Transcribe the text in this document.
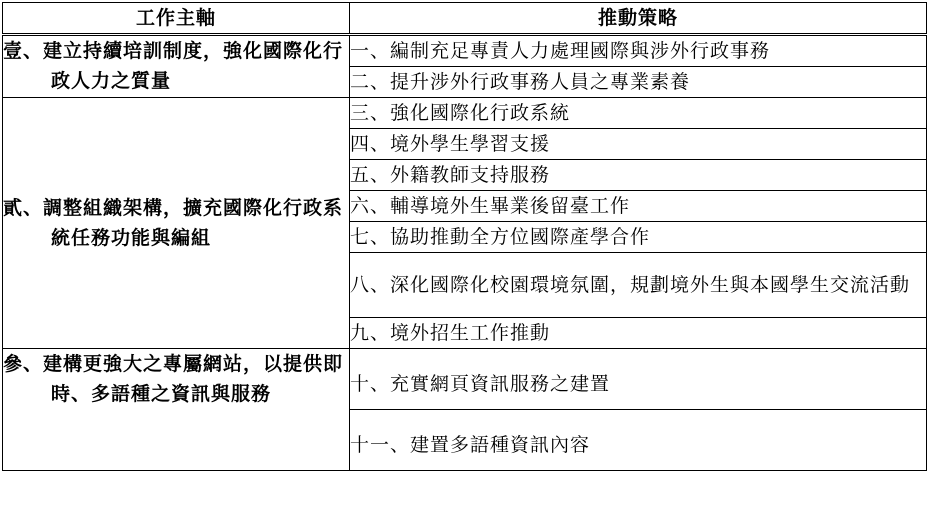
工作主軸	推動策略

壹、建立持續培訓制度，強化國際化行政人力之質量	一、編制充足專責人力處理國際與涉外行政事務

	二、提升涉外行政事務人員之專業素養

貳、調整組織架構，擴充國際化行政系統任務功能與編組	三、強化國際化行政系統

	四、境外學生學習支援

	五、外籍教師支持服務

	六、輔導境外生畢業後留臺工作

	七、協助推動全方位國際產學合作

	八、深化國際化校園環境氛圍，規劃境外生與本國學生交流活動

	九、境外招生工作推動

參、建構更強大之專屬網站，以提供即時、多語種之資訊與服務	十、充實網頁資訊服務之建置

	十一、建置多語種資訊內容
